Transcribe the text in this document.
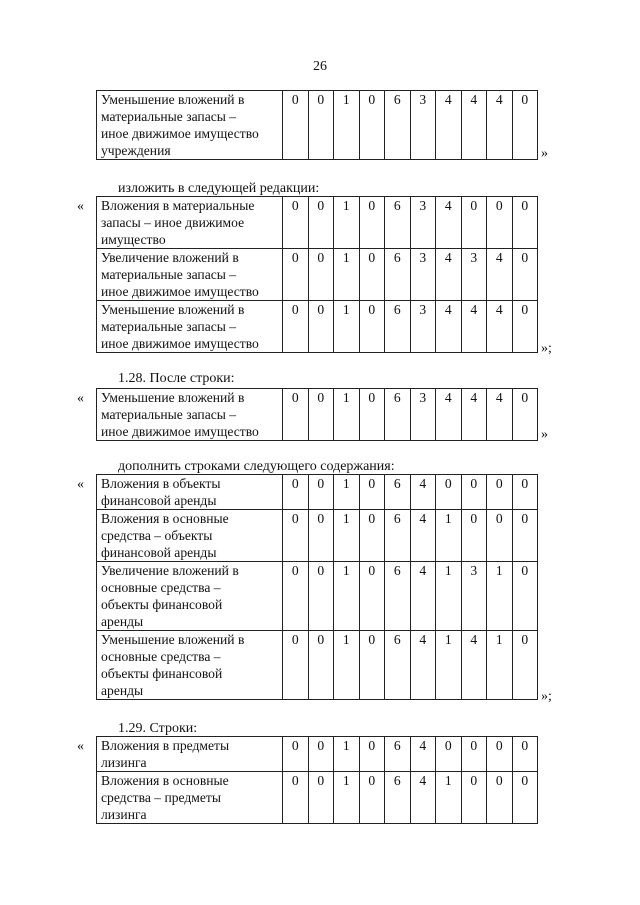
26
Уменьшение вложений в
материальные запасы –
иное движимое имущество
учреждения
	0	0	1	0	6	3	4	4	4	0
»
изложить в следующей редакции:
Вложения в материальные
запасы – иное движимое
имущество	0	0	1	0	6	3	4	0	0	0

Увеличение вложений в
материальные запасы –
иное движимое имущество	0	0	1	0	6	3	4	3	4	0

Уменьшение вложений в
материальные запасы –
иное движимое имущество	0	0	1	0	6	3	4	4	4	0
«
»;
1.28. После строки:
Уменьшение вложений в
материальные запасы –
иное движимое имущество
	0	0	1	0	6	3	4	4	4	0
«
»
дополнить строками следующего содержания:
Вложения в объекты
финансовой аренды	0	0	1	0	6	4	0	0	0	0

Вложения в основные
средства – объекты
финансовой аренды	0	0	1	0	6	4	1	0	0	0

Увеличение вложений в
основные средства –
объекты финансовой
аренды	0	0	1	0	6	4	1	3	1	0

Уменьшение вложений в
основные средства –
объекты финансовой
аренды	0	0	1	0	6	4	1	4	1	0
«
»;
1.29. Строки:
Вложения в предметы
лизинга	0	0	1	0	6	4	0	0	0	0

Вложения в основные
средства – предметы
лизинга	0	0	1	0	6	4	1	0	0	0
«
